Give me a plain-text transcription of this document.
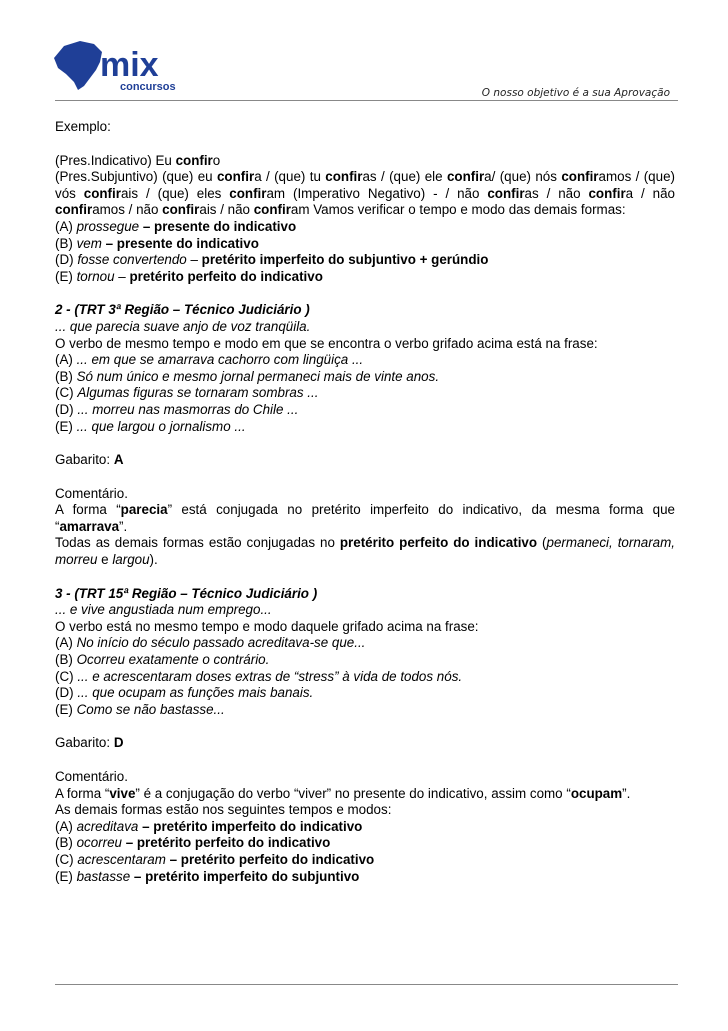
mix
concursos	O nosso objetivo é a sua Aprovação

Exemplo:

(Pres.Indicativo) Eu confiro

(Pres.Subjuntivo) (que) eu confira / (que) tu confiras / (que) ele confira/ (que) nós confiramos / (que) vós confirais / (que) eles confiram (Imperativo Negativo) - / não confiras / não confira / não confiramos / não confirais / não confiram Vamos verificar o tempo e modo das demais formas:

(A) prossegue – presente do indicativo

(B) vem – presente do indicativo

(D) fosse convertendo – pretérito imperfeito do subjuntivo + gerúndio

(E) tornou – pretérito perfeito do indicativo

2 - (TRT 3ª Região – Técnico Judiciário )

... que parecia suave anjo de voz tranqüila.

O verbo de mesmo tempo e modo em que se encontra o verbo grifado acima está na frase:

(A) ... em que se amarrava cachorro com lingüiça ...

(B) Só num único e mesmo jornal permaneci mais de vinte anos.

(C) Algumas figuras se tornaram sombras ...

(D) ... morreu nas masmorras do Chile ...

(E) ... que largou o jornalismo ...

Gabarito: A

Comentário.

A forma “parecia” está conjugada no pretérito imperfeito do indicativo, da mesma forma que “amarrava”.

Todas as demais formas estão conjugadas no pretérito perfeito do indicativo (permaneci, tornaram, morreu e largou).

3 - (TRT 15ª Região – Técnico Judiciário )

... e vive angustiada num emprego...

O verbo está no mesmo tempo e modo daquele grifado acima na frase:

(A) No início do século passado acreditava-se que...

(B) Ocorreu exatamente o contrário.

(C) ... e acrescentaram doses extras de “stress” à vida de todos nós.

(D) ... que ocupam as funções mais banais.

(E) Como se não bastasse...

Gabarito: D

Comentário.

A forma “vive” é a conjugação do verbo “viver” no presente do indicativo, assim como “ocupam”.

As demais formas estão nos seguintes tempos e modos:

(A) acreditava – pretérito imperfeito do indicativo

(B) ocorreu – pretérito perfeito do indicativo

(C) acrescentaram – pretérito perfeito do indicativo

(E) bastasse – pretérito imperfeito do subjuntivo
